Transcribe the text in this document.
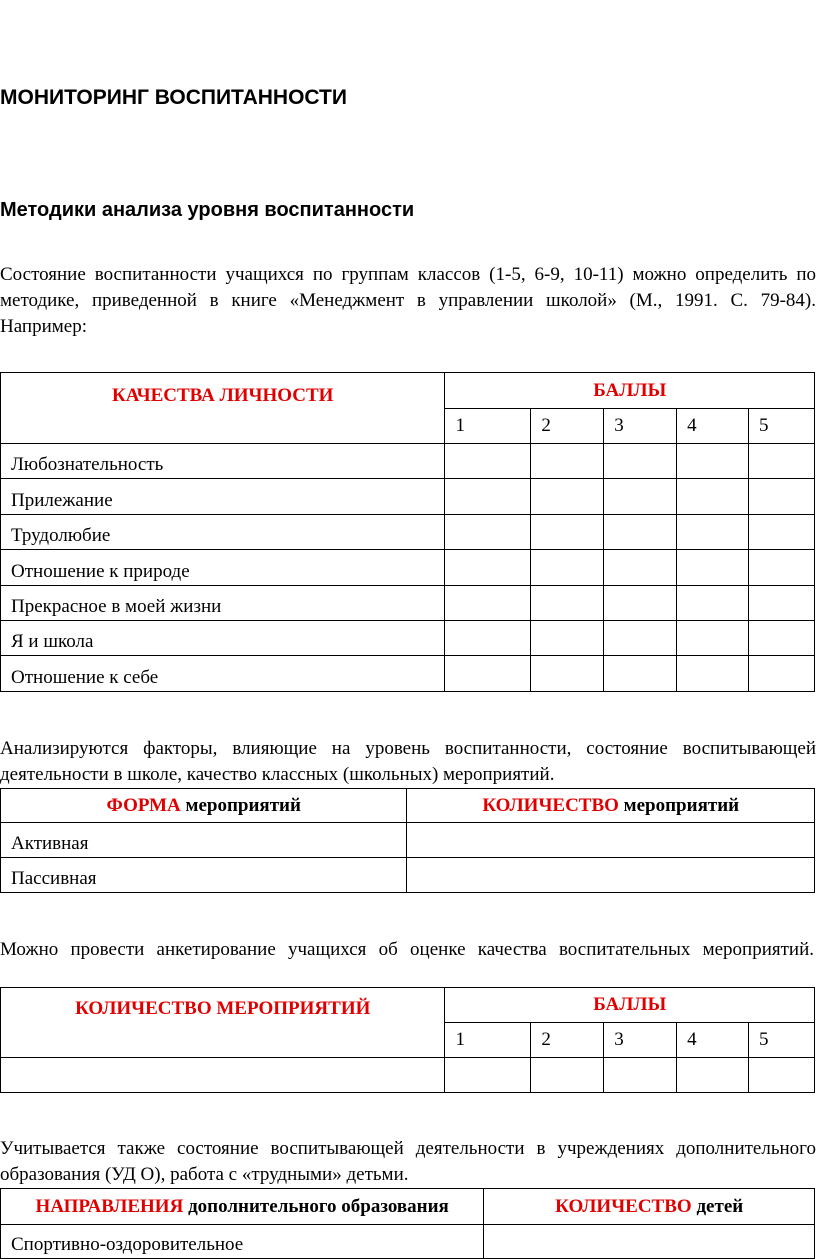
МОНИТОРИНГ ВОСПИТАННОСТИ
Методики анализа уровня воспитанности
Состояние воспитанности учащихся по группам классов (1-5, 6-9, 10-11) можно определить по методике, приведенной в книге «Менеджмент в управлении школой» (М., 1991. С. 79-84). Например:
КАЧЕСТВА ЛИЧНОСТИ	БАЛЛЫ				
	1	2	3	4	5
Любознательность					
Прилежание					
Трудолюбие					
Отношение к природе					
Прекрасное в моей жизни					
Я и школа					
Отношение к себе					
Анализируются факторы, влияющие на уровень воспитанности, состояние воспитывающей деятельности в школе, качество классных (школьных) мероприятий.
ФОРМА мероприятий	КОЛИЧЕСТВО мероприятий
Активная	
Пассивная	
Можно провести анкетирование учащихся об оценке качества воспитательных мероприятий.
КОЛИЧЕСТВО МЕРОПРИЯТИЙ	БАЛЛЫ				
	1	2	3	4	5

Учитывается также состояние воспитывающей деятельности в учреждениях дополнительного образования (УД О), работа с «трудными» детьми.
НАПРАВЛЕНИЯ дополнительного образования	КОЛИЧЕСТВО детей
Спортивно-оздоровительное	
